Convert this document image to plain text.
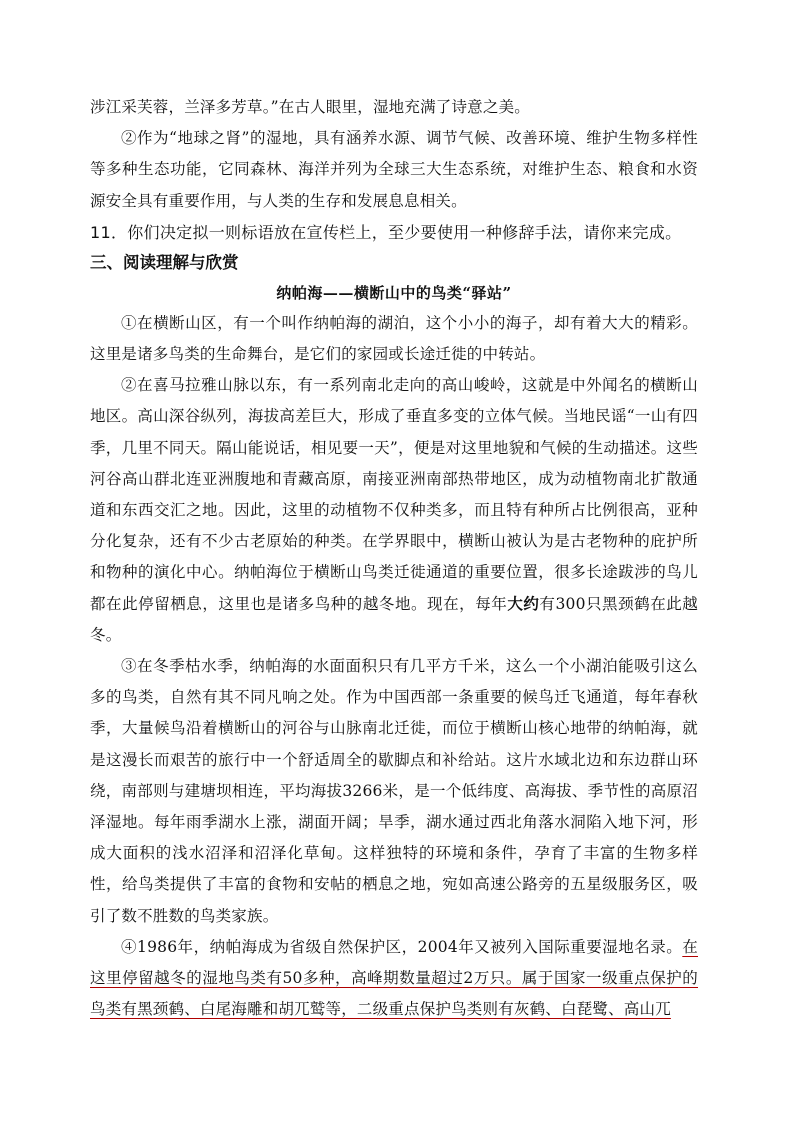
涉江采芙蓉，兰泽多芳草。”在古人眼里，湿地充满了诗意之美。

②作为“地球之肾”的湿地，具有涵养水源、调节气候、改善环境、维护生物多样性等多种生态功能，它同森林、海洋并列为全球三大生态系统，对维护生态、粮食和水资源安全具有重要作用，与人类的生存和发展息息相关。

11．你们决定拟一则标语放在宣传栏上，至少要使用一种修辞手法，请你来完成。

三、阅读理解与欣赏

纳帕海——横断山中的鸟类“驿站”

①在横断山区，有一个叫作纳帕海的湖泊，这个小小的海子，却有着大大的精彩。这里是诸多鸟类的生命舞台，是它们的家园或长途迁徙的中转站。

②在喜马拉雅山脉以东，有一系列南北走向的高山峻岭，这就是中外闻名的横断山地区。高山深谷纵列，海拔高差巨大，形成了垂直多变的立体气候。当地民谣“一山有四季，几里不同天。隔山能说话，相见要一天”，便是对这里地貌和气候的生动描述。这些河谷高山群北连亚洲腹地和青藏高原，南接亚洲南部热带地区，成为动植物南北扩散通道和东西交汇之地。因此，这里的动植物不仅种类多，而且特有种所占比例很高，亚种分化复杂，还有不少古老原始的种类。在学界眼中，横断山被认为是古老物种的庇护所和物种的演化中心。纳帕海位于横断山鸟类迁徙通道的重要位置，很多长途跋涉的鸟儿都在此停留栖息，这里也是诸多鸟种的越冬地。现在，每年大约有300只黑颈鹤在此越冬。

③在冬季枯水季，纳帕海的水面面积只有几平方千米，这么一个小湖泊能吸引这么多的鸟类，自然有其不同凡响之处。作为中国西部一条重要的候鸟迁飞通道，每年春秋季，大量候鸟沿着横断山的河谷与山脉南北迁徙，而位于横断山核心地带的纳帕海，就是这漫长而艰苦的旅行中一个舒适周全的歇脚点和补给站。这片水域北边和东边群山环绕，南部则与建塘坝相连，平均海拔3266米，是一个低纬度、高海拔、季节性的高原沼泽湿地。每年雨季湖水上涨，湖面开阔；旱季，湖水通过西北角落水洞陷入地下河，形成大面积的浅水沼泽和沼泽化草甸。这样独特的环境和条件，孕育了丰富的生物多样性，给鸟类提供了丰富的食物和安帖的栖息之地，宛如高速公路旁的五星级服务区，吸引了数不胜数的鸟类家族。

④1986年，纳帕海成为省级自然保护区，2004年又被列入国际重要湿地名录。在这里停留越冬的湿地鸟类有50多种，高峰期数量超过2万只。属于国家一级重点保护的鸟类有黑颈鹤、白尾海雕和胡兀鹫等，二级重点保护鸟类则有灰鹤、白琵鹭、高山兀
